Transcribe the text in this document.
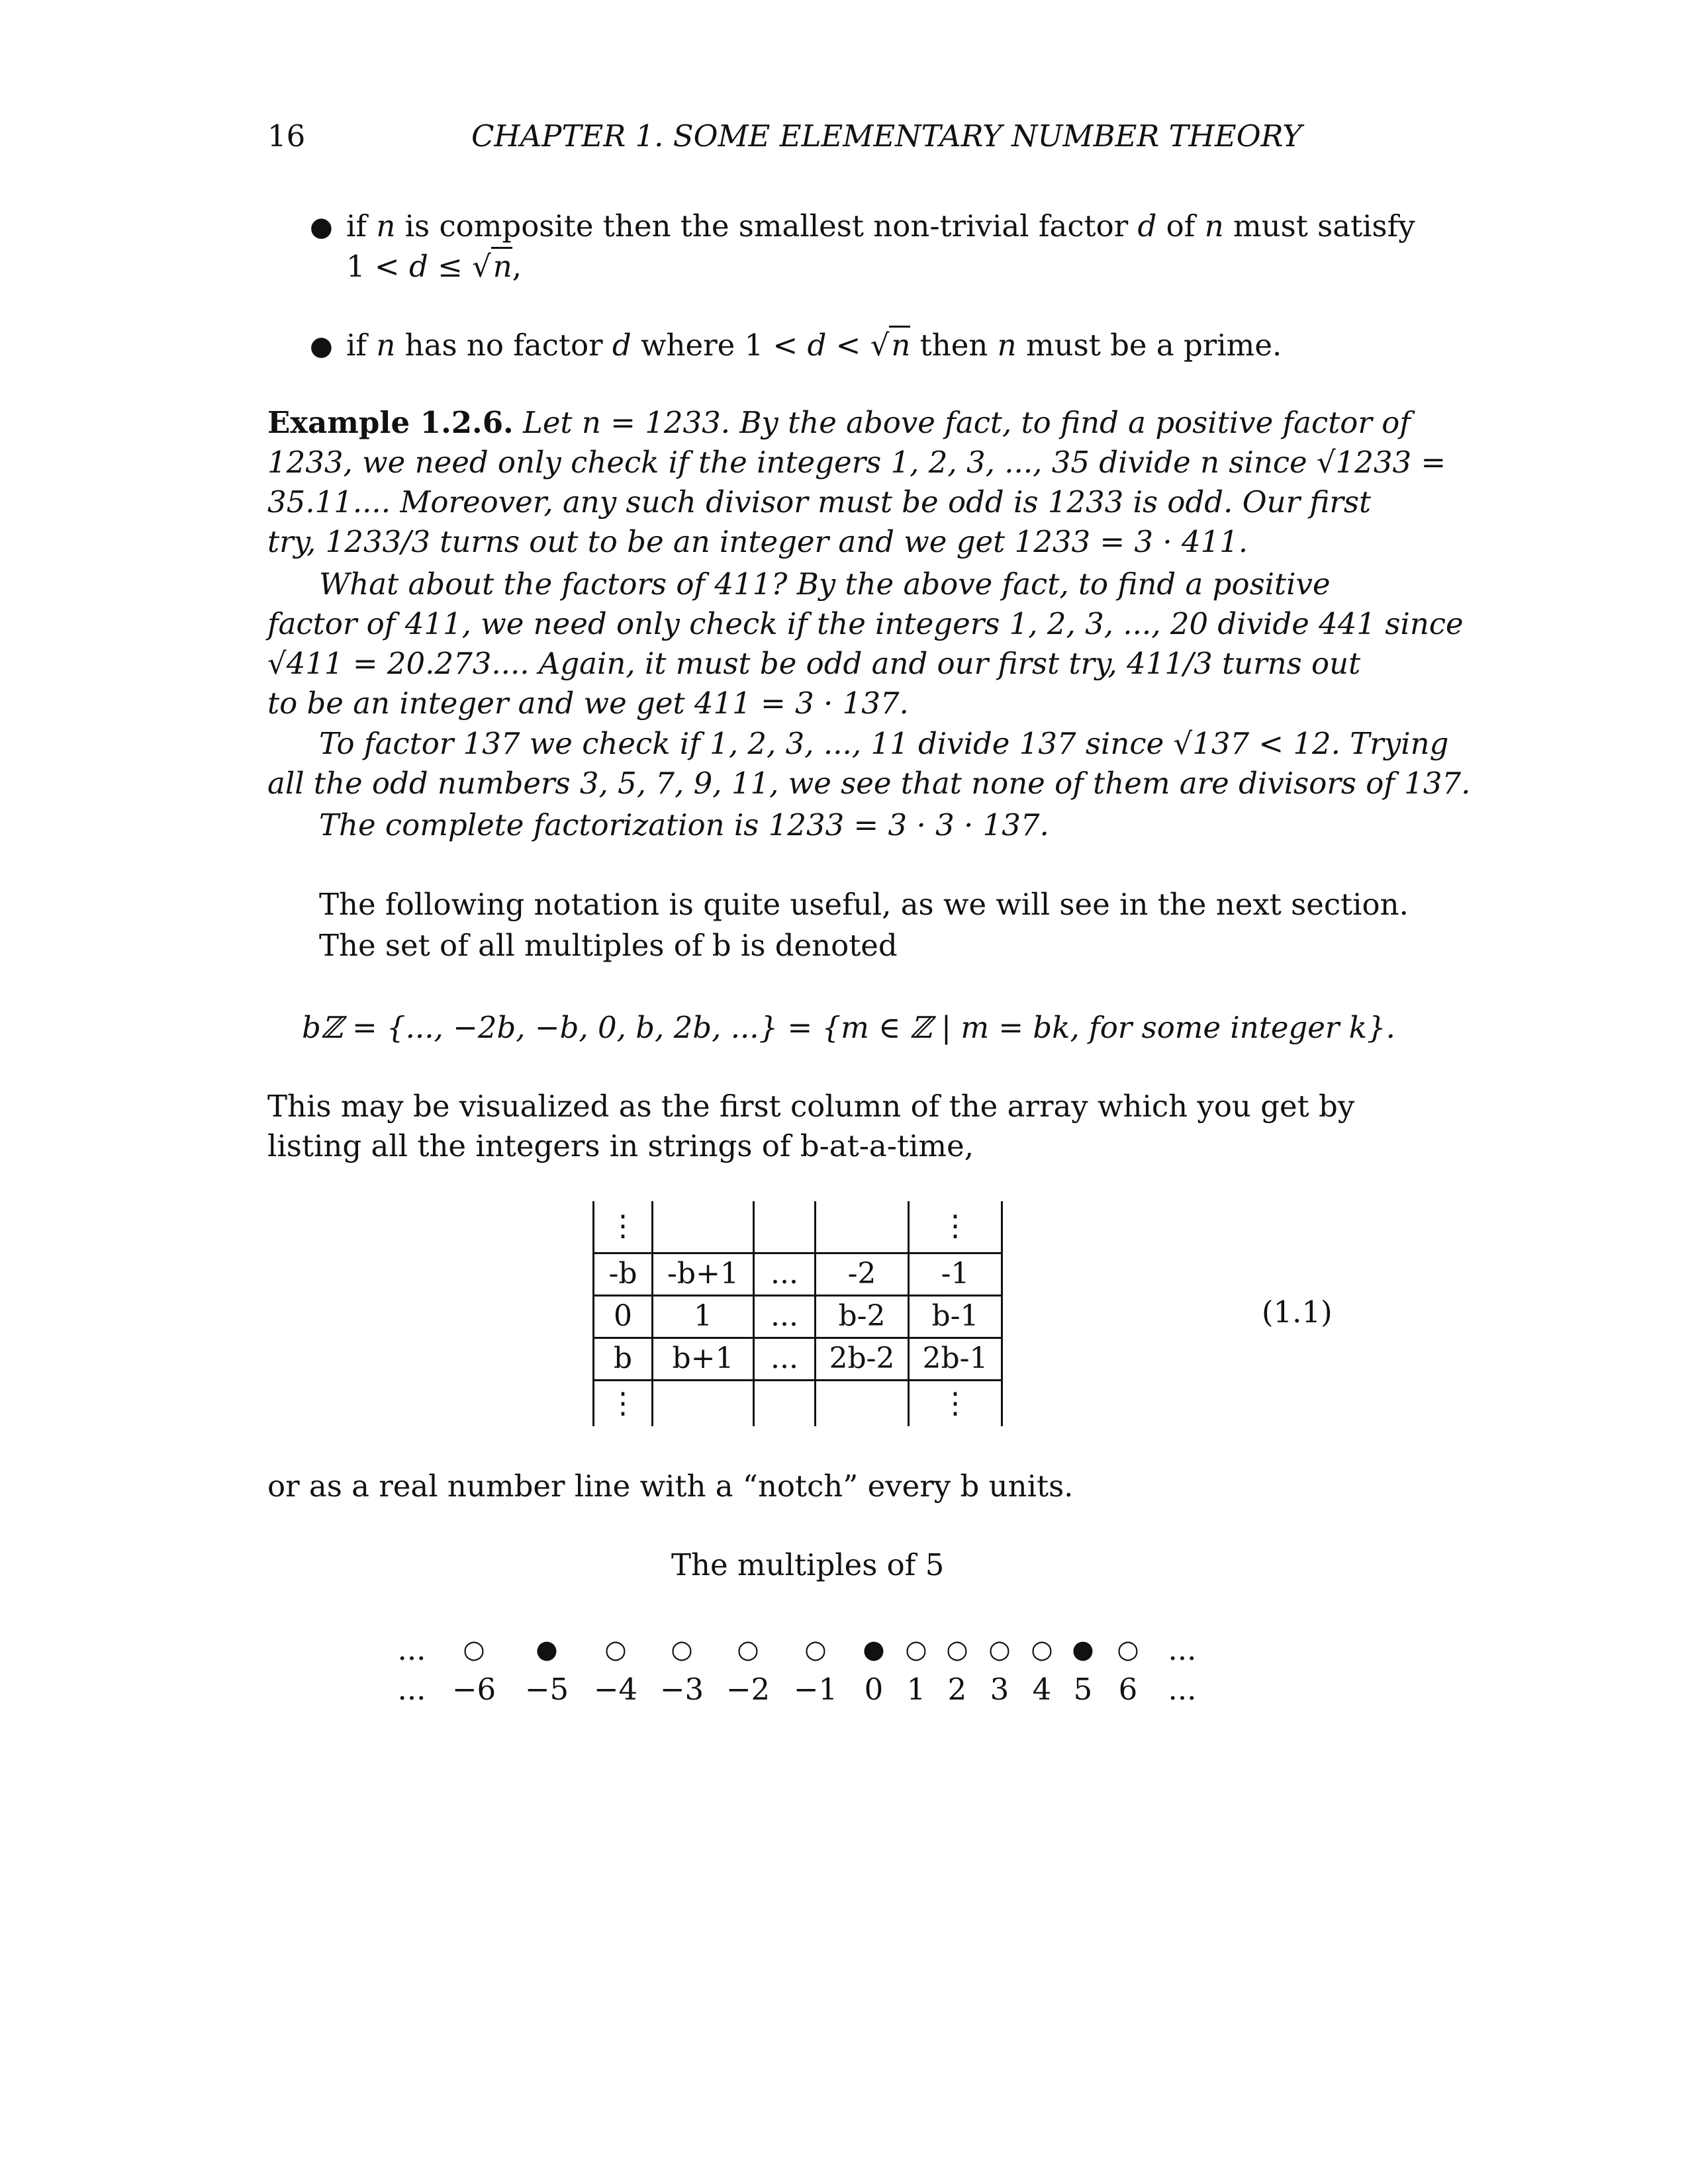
16	CHAPTER 1. SOME ELEMENTARY NUMBER THEORY
● if n is composite then the smallest non-trivial factor d of n must satisfy
1 < d ≤ √n,
● if n has no factor d where 1 < d < √n then n must be a prime.
Example 1.2.6. Let n = 1233. By the above fact, to find a positive factor of
1233, we need only check if the integers 1, 2, 3, ..., 35 divide n since √1233 =
35.11.... Moreover, any such divisor must be odd is 1233 is odd. Our first
try, 1233/3 turns out to be an integer and we get 1233 = 3 · 411.
What about the factors of 411? By the above fact, to find a positive
factor of 411, we need only check if the integers 1, 2, 3, ..., 20 divide 441 since
√411 = 20.273.... Again, it must be odd and our first try, 411/3 turns out
to be an integer and we get 411 = 3 · 137.
To factor 137 we check if 1, 2, 3, ..., 11 divide 137 since √137 < 12. Trying
all the odd numbers 3, 5, 7, 9, 11, we see that none of them are divisors of 137.
The complete factorization is 1233 = 3 · 3 · 137.
The following notation is quite useful, as we will see in the next section.
The set of all multiples of b is denoted
bℤ = {..., −2b, −b, 0, b, 2b, ...} = {m ∈ ℤ | m = bk, for some integer k}.
This may be visualized as the first column of the array which you get by
listing all the integers in strings of b-at-a-time,
⋮				⋮
-b	-b+1	...	-2	-1
0	1	...	b-2	b-1
b	b+1	...	2b-2	2b-1
⋮				⋮
(1.1)
or as a real number line with a “notch” every b units.
The multiples of 5
... ○ ● ○ ○ ○ ○ ● ○ ○ ○ ○ ● ○ ...
... −6 −5 −4 −3 −2 −1 0 1 2 3 4 5 6 ...
